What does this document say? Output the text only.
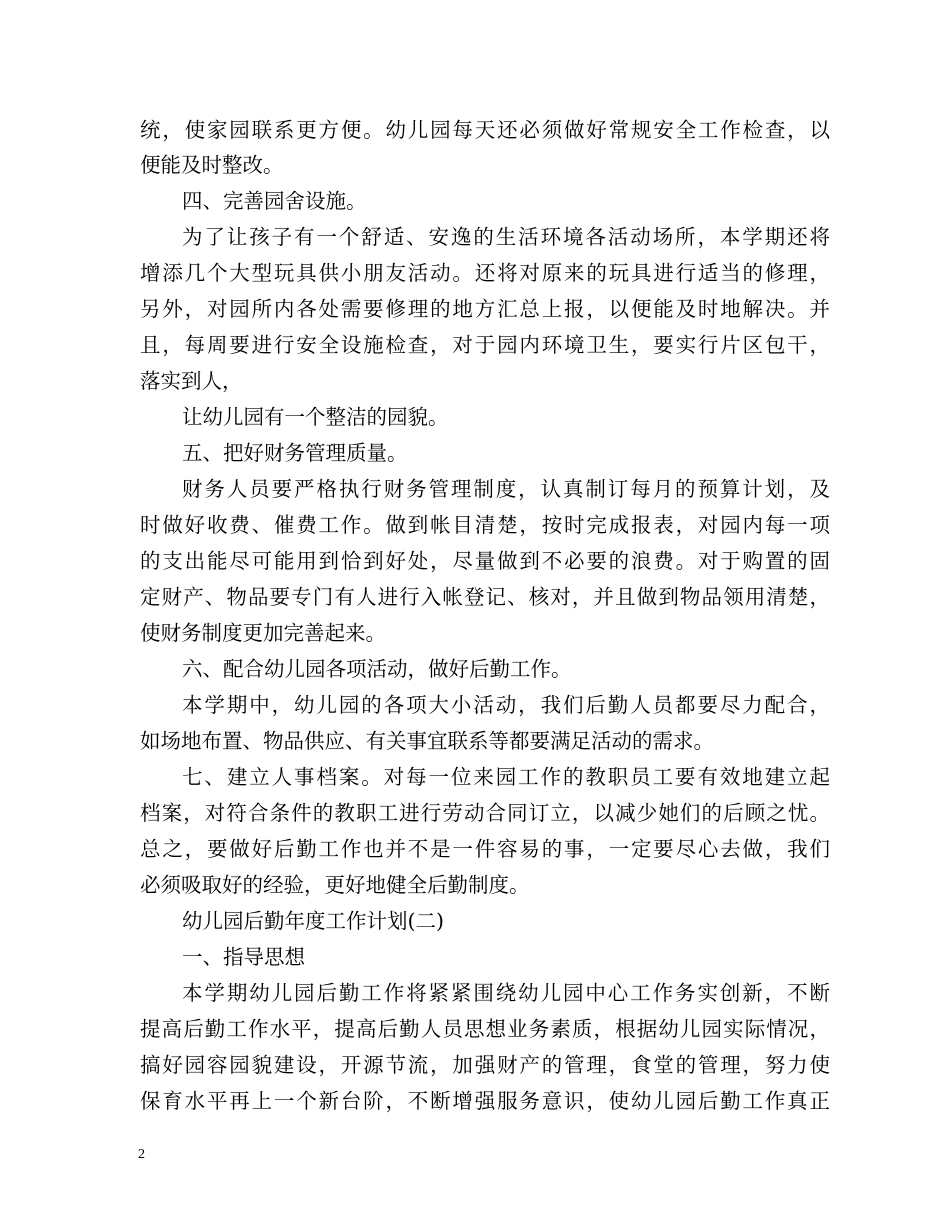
统，使家园联系更方便。幼儿园每天还必须做好常规安全工作检查，以
便能及时整改。
四、完善园舍设施。
为了让孩子有一个舒适、安逸的生活环境各活动场所，本学期还将
增添几个大型玩具供小朋友活动。还将对原来的玩具进行适当的修理，
另外，对园所内各处需要修理的地方汇总上报，以便能及时地解决。并
且，每周要进行安全设施检查，对于园内环境卫生，要实行片区包干，
落实到人，
让幼儿园有一个整洁的园貌。
五、把好财务管理质量。
财务人员要严格执行财务管理制度，认真制订每月的预算计划，及
时做好收费、催费工作。做到帐目清楚，按时完成报表，对园内每一项
的支出能尽可能用到恰到好处，尽量做到不必要的浪费。对于购置的固
定财产、物品要专门有人进行入帐登记、核对，并且做到物品领用清楚，
使财务制度更加完善起来。
六、配合幼儿园各项活动，做好后勤工作。
本学期中，幼儿园的各项大小活动，我们后勤人员都要尽力配合，
如场地布置、物品供应、有关事宜联系等都要满足活动的需求。
七、建立人事档案。对每一位来园工作的教职员工要有效地建立起
档案，对符合条件的教职工进行劳动合同订立，以减少她们的后顾之忧。
总之，要做好后勤工作也并不是一件容易的事，一定要尽心去做，我们
必须吸取好的经验，更好地健全后勤制度。
幼儿园后勤年度工作计划(二)
一、指导思想
本学期幼儿园后勤工作将紧紧围绕幼儿园中心工作务实创新，不断
提高后勤工作水平，提高后勤人员思想业务素质，根据幼儿园实际情况，
搞好园容园貌建设，开源节流，加强财产的管理，食堂的管理，努力使
保育水平再上一个新台阶，不断增强服务意识，使幼儿园后勤工作真正
2
